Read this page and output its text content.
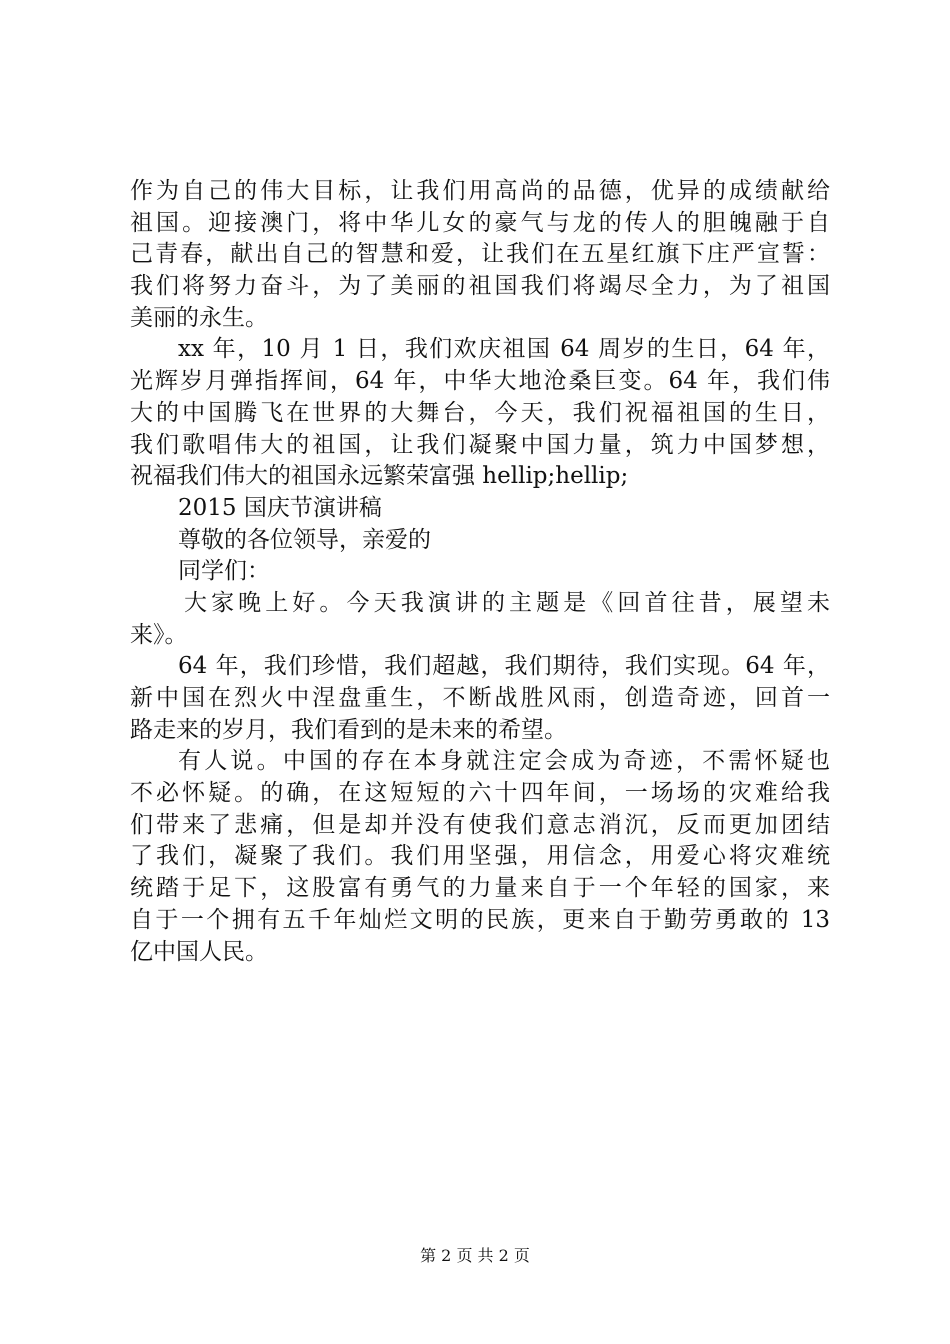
作为自己的伟大目标，让我们用高尚的品德，优异的成绩献给
祖国。迎接澳门，将中华儿女的豪气与龙的传人的胆魄融于自
己青春，献出自己的智慧和爱，让我们在五星红旗下庄严宣誓：
我们将努力奋斗，为了美丽的祖国我们将竭尽全力，为了祖国
美丽的永生。
xx 年，10 月 1 日，我们欢庆祖国 64 周岁的生日，64 年，
光辉岁月弹指挥间，64 年，中华大地沧桑巨变。64 年，我们伟
大的中国腾飞在世界的大舞台，今天，我们祝福祖国的生日，
我们歌唱伟大的祖国，让我们凝聚中国力量，筑力中国梦想，
祝福我们伟大的祖国永远繁荣富强 hellip;hellip;
2015 国庆节演讲稿
尊敬的各位领导，亲爱的
同学们：
大家晚上好。今天我演讲的主题是《回首往昔，展望未
来》。
64 年，我们珍惜，我们超越，我们期待，我们实现。64 年，
新中国在烈火中涅盘重生，不断战胜风雨，创造奇迹，回首一
路走来的岁月，我们看到的是未来的希望。
有人说。中国的存在本身就注定会成为奇迹，不需怀疑也
不必怀疑。的确，在这短短的六十四年间，一场场的灾难给我
们带来了悲痛，但是却并没有使我们意志消沉，反而更加团结
了我们，凝聚了我们。我们用坚强，用信念，用爱心将灾难统
统踏于足下，这股富有勇气的力量来自于一个年轻的国家，来
自于一个拥有五千年灿烂文明的民族，更来自于勤劳勇敢的 13
亿中国人民。
第 2 页 共 2 页
